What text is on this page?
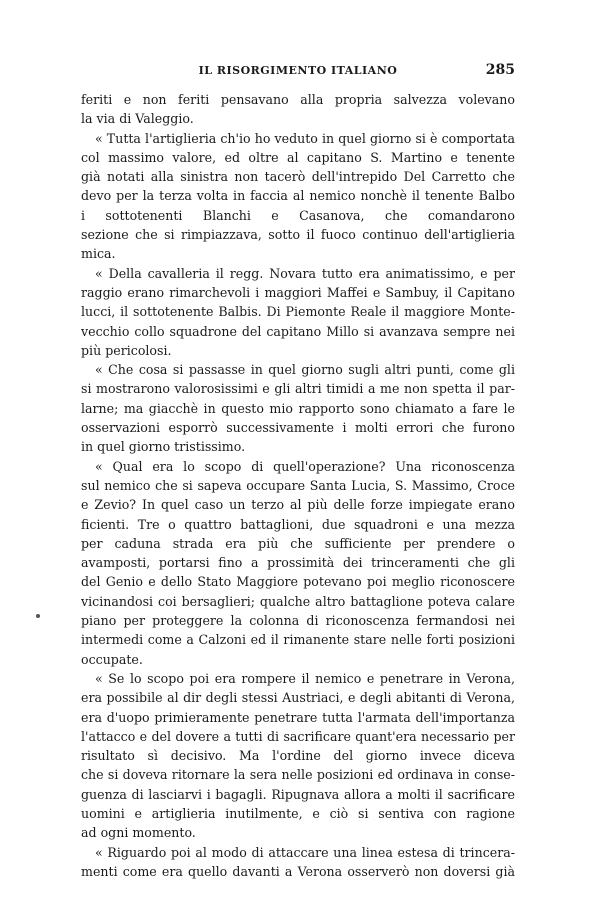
IL RISORGIMENTO ITALIANO	285
feriti e non feriti pensavano alla propria salvezza volevano
la via di Valeggio.
« Tutta l'artiglieria ch'io ho veduto in quel giorno si è comportata
col massimo valore, ed oltre al capitano S. Martino e tenente
già notati alla sinistra non tacerò dell'intrepido Del Carretto che
devo per la terza volta in faccia al nemico nonchè il tenente Balbo
i sottotenenti Blanchi e Casanova, che comandarono
sezione che si rimpiazzava, sotto il fuoco continuo dell'artiglieria
mica.
« Della cavalleria il regg. Novara tutto era animatissimo, e per
raggio erano rimarchevoli i maggiori Maffei e Sambuy, il Capitano
lucci, il sottotenente Balbis. Di Piemonte Reale il maggiore Monte-
vecchio collo squadrone del capitano Millo si avanzava sempre nei
più pericolosi.
« Che cosa si passasse in quel giorno sugli altri punti, come gli
si mostrarono valorosissimi e gli altri timidi a me non spetta il par-
larne; ma giacchè in questo mio rapporto sono chiamato a fare le
osservazioni esporrò successivamente i molti errori che furono
in quel giorno tristissimo.
« Qual era lo scopo di quell'operazione? Una riconoscenza
sul nemico che si sapeva occupare Santa Lucia, S. Massimo, Croce
e Zevio? In quel caso un terzo al più delle forze impiegate erano
ficienti. Tre o quattro battaglioni, due squadroni e una mezza
per caduna strada era più che sufficiente per prendere o
avamposti, portarsi fino a prossimità dei trinceramenti che gli
del Genio e dello Stato Maggiore potevano poi meglio riconoscere
vicinandosi coi bersaglieri; qualche altro battaglione poteva calare
piano per proteggere la colonna di riconoscenza fermandosi nei
intermedi come a Calzoni ed il rimanente stare nelle forti posizioni
occupate.
« Se lo scopo poi era rompere il nemico e penetrare in Verona,
era possibile al dir degli stessi Austriaci, e degli abitanti di Verona,
era d'uopo primieramente penetrare tutta l'armata dell'importanza
l'attacco e del dovere a tutti di sacrificare quant'era necessario per
risultato sì decisivo. Ma l'ordine del giorno invece diceva
che si doveva ritornare la sera nelle posizioni ed ordinava in conse-
guenza di lasciarvi i bagagli. Ripugnava allora a molti il sacrificare
uomini e artiglieria inutilmente, e ciò si sentiva con ragione
ad ogni momento.
« Riguardo poi al modo di attaccare una linea estesa di trincera-
menti come era quello davanti a Verona osserverò non doversi già
